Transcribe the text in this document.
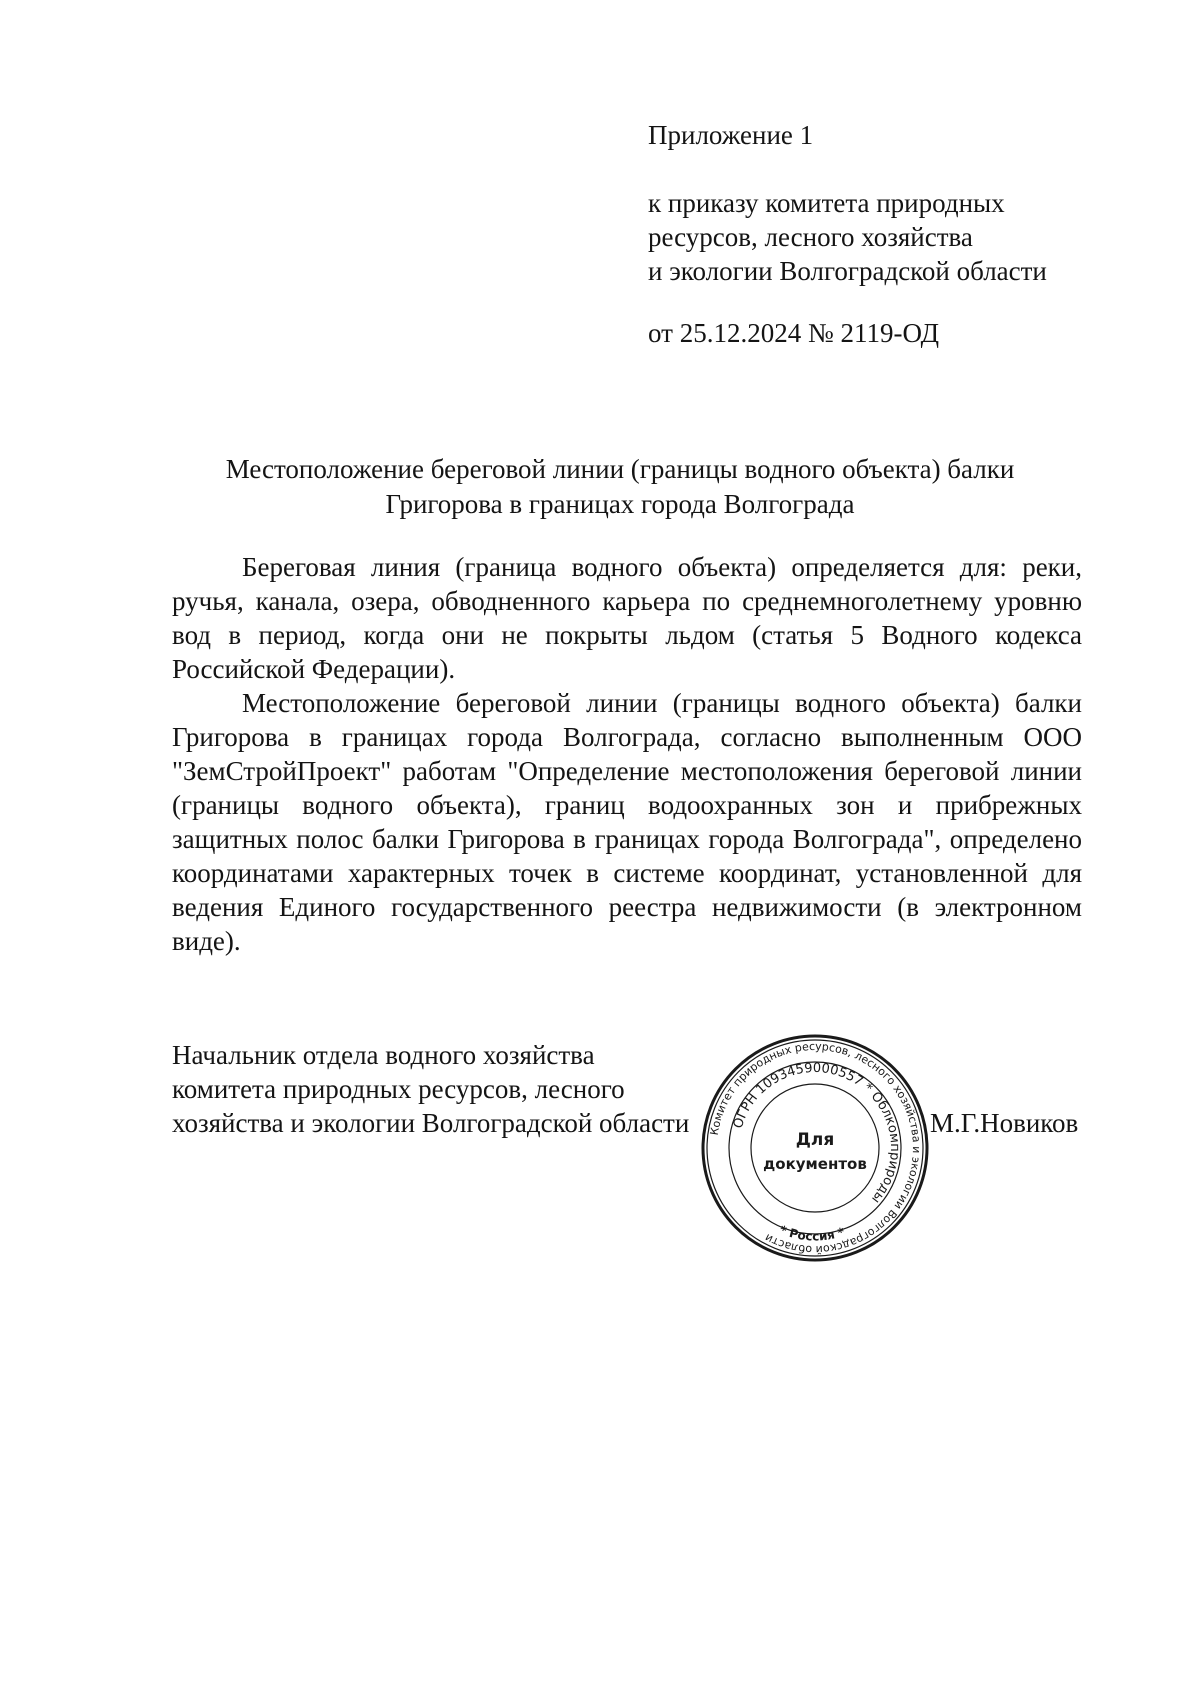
Приложение 1
к приказу комитета природных
ресурсов, лесного хозяйства
и экологии Волгоградской области
от 25.12.2024 № 2119-ОД
Местоположение береговой линии (границы водного объекта) балки
Григорова в границах города Волгограда

Береговая линия (граница водного объекта) определяется для: реки, ручья, канала, озера, обводненного карьера по среднемноголетнему уровню вод в период, когда они не покрыты льдом (статья 5 Водного кодекса Российской Федерации).

Местоположение береговой линии (границы водного объекта) балки Григорова в границах города Волгограда, согласно выполненным ООО "ЗемСтройПроект" работам "Определение местоположения береговой линии (границы водного объекта), границ водоохранных зон и прибрежных защитных полос балки Григорова в границах города Волгограда", определено координатами характерных точек в системе координат, установленной для ведения Единого государственного реестра недвижимости (в электронном виде).

Начальник отдела водного хозяйства
комитета природных ресурсов, лесного
хозяйства и экологии Волгоградской области	М.Г.Новиков
Комитет природных ресурсов, лесного хозяйства и экологии Волгоградской области
ОГРН 1093459000557 * Облкомприроды
* Россия *
Для
документов
